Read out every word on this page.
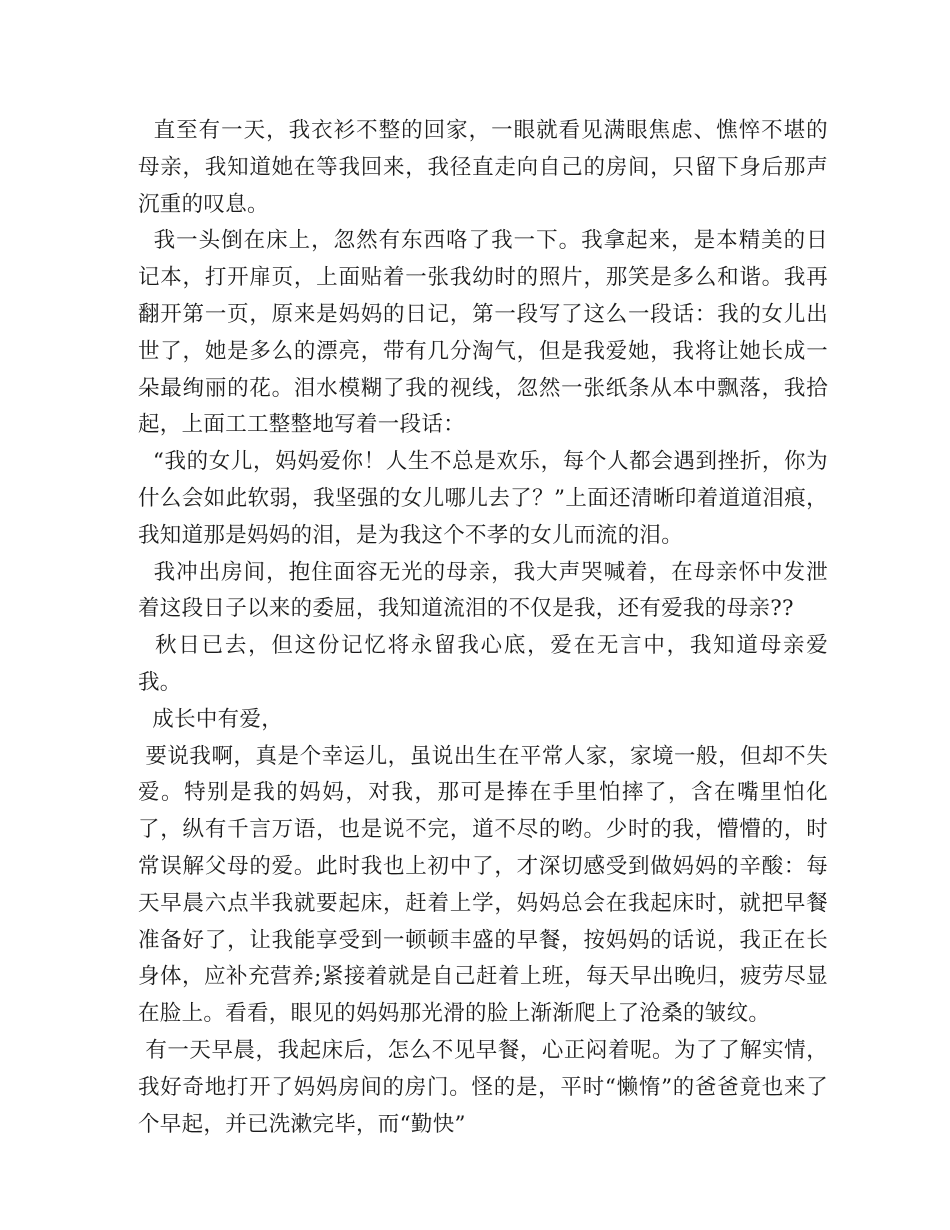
直至有一天，我衣衫不整的回家，一眼就看见满眼焦虑、憔悴不堪的母亲，我知道她在等我回来，我径直走向自己的房间，只留下身后那声沉重的叹息。

我一头倒在床上，忽然有东西咯了我一下。我拿起来，是本精美的日记本，打开扉页，上面贴着一张我幼时的照片，那笑是多么和谐。我再翻开第一页，原来是妈妈的日记，第一段写了这么一段话：我的女儿出世了，她是多么的漂亮，带有几分淘气，但是我爱她，我将让她长成一朵最绚丽的花。泪水模糊了我的视线，忽然一张纸条从本中飘落，我拾起，上面工工整整地写着一段话：

“我的女儿，妈妈爱你！人生不总是欢乐，每个人都会遇到挫折，你为什么会如此软弱，我坚强的女儿哪儿去了？”上面还清晰印着道道泪痕，我知道那是妈妈的泪，是为我这个不孝的女儿而流的泪。

我冲出房间，抱住面容无光的母亲，我大声哭喊着，在母亲怀中发泄着这段日子以来的委屈，我知道流泪的不仅是我，还有爱我的母亲??

秋日已去，但这份记忆将永留我心底，爱在无言中，我知道母亲爱我。

成长中有爱，

要说我啊，真是个幸运儿，虽说出生在平常人家，家境一般，但却不失爱。特别是我的妈妈，对我，那可是捧在手里怕摔了，含在嘴里怕化了，纵有千言万语，也是说不完，道不尽的哟。少时的我，懵懵的，时常误解父母的爱。此时我也上初中了，才深切感受到做妈妈的辛酸：每天早晨六点半我就要起床，赶着上学，妈妈总会在我起床时，就把早餐准备好了，让我能享受到一顿顿丰盛的早餐，按妈妈的话说，我正在长身体，应补充营养;紧接着就是自己赶着上班，每天早出晚归，疲劳尽显在脸上。看看，眼见的妈妈那光滑的脸上渐渐爬上了沧桑的皱纹。

有一天早晨，我起床后，怎么不见早餐，心正闷着呢。为了了解实情，我好奇地打开了妈妈房间的房门。怪的是，平时“懒惰”的爸爸竟也来了个早起，并已洗漱完毕，而“勤快”
